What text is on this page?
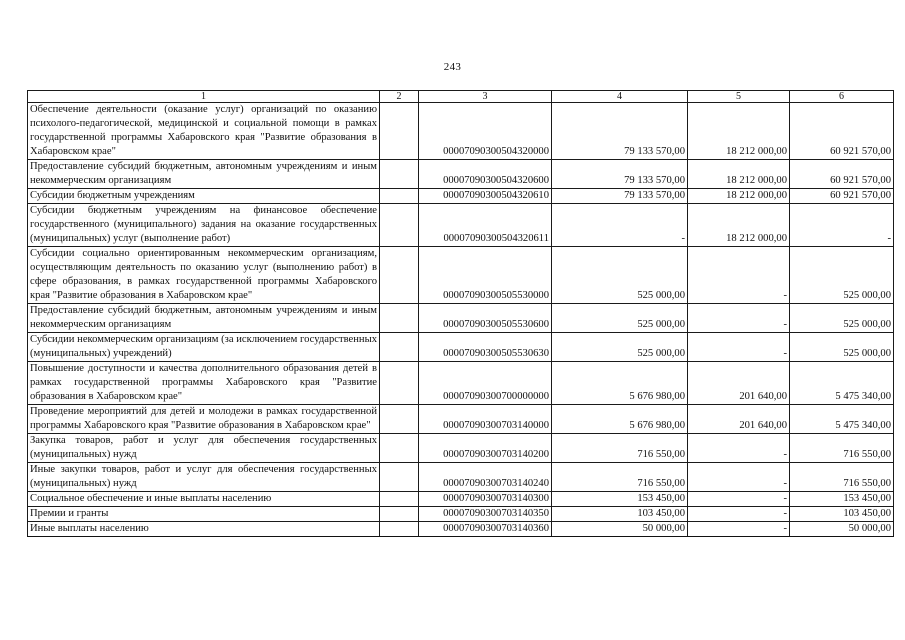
243
1	2	3	4	5	6
Обеспечение деятельности (оказание услуг) организаций по оказанию психолого-педагогической, медицинской и социальной помощи в рамках государственной программы Хабаровского края "Развитие образования в Хабаровском крае"		00007090300504320000	79 133 570,00	18 212 000,00	60 921 570,00
Предоставление субсидий бюджетным, автономным учреждениям и иным некоммерческим организациям		00007090300504320600	79 133 570,00	18 212 000,00	60 921 570,00
Субсидии бюджетным учреждениям		00007090300504320610	79 133 570,00	18 212 000,00	60 921 570,00
Субсидии бюджетным учреждениям на финансовое обеспечение государственного (муниципального) задания на оказание государственных (муниципальных) услуг (выполнение работ)		00007090300504320611	-	18 212 000,00	-
Субсидии социально ориентированным некоммерческим организациям, осуществляющим деятельность по оказанию услуг (выполнению работ) в сфере образования, в рамках государственной программы Хабаровского края "Развитие образования в Хабаровском крае"		00007090300505530000	525 000,00	-	525 000,00
Предоставление субсидий бюджетным, автономным учреждениям и иным некоммерческим организациям		00007090300505530600	525 000,00	-	525 000,00
Субсидии некоммерческим организациям (за исключением государственных (муниципальных) учреждений)		00007090300505530630	525 000,00	-	525 000,00
Повышение доступности и качества дополнительного образования детей в рамках государственной программы Хабаровского края "Развитие образования в Хабаровском крае"		00007090300700000000	5 676 980,00	201 640,00	5 475 340,00
Проведение мероприятий для детей и молодежи в рамках государственной программы Хабаровского края "Развитие образования в Хабаровском крае"		00007090300703140000	5 676 980,00	201 640,00	5 475 340,00
Закупка товаров, работ и услуг для обеспечения государственных (муниципальных) нужд		00007090300703140200	716 550,00	-	716 550,00
Иные закупки товаров, работ и услуг для обеспечения государственных (муниципальных) нужд		00007090300703140240	716 550,00	-	716 550,00
Социальное обеспечение и иные выплаты населению		00007090300703140300	153 450,00	-	153 450,00
Премии и гранты		00007090300703140350	103 450,00	-	103 450,00
Иные выплаты населению		00007090300703140360	50 000,00	-	50 000,00
